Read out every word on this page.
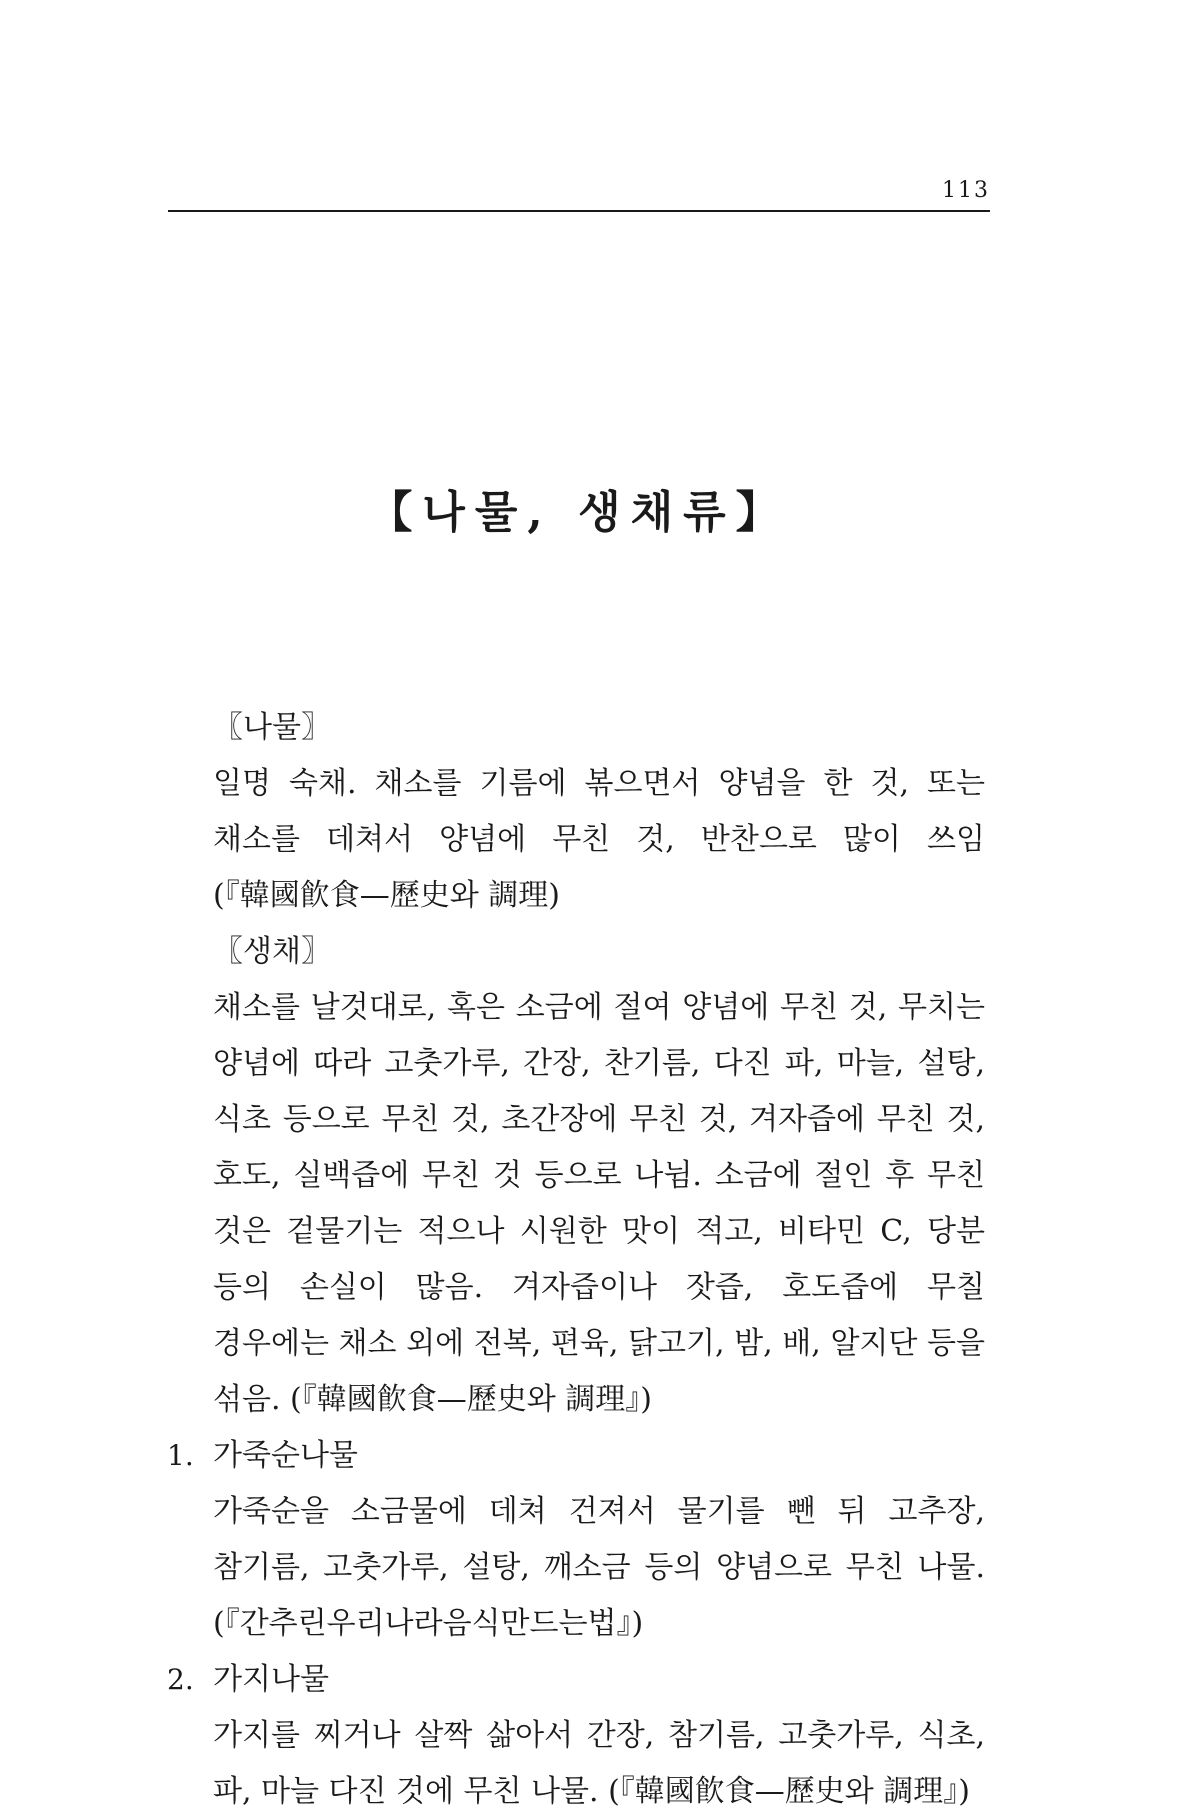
113
【나물, 생채류】
〖나물〗
일명 숙채. 채소를 기름에 볶으면서 양념을 한 것, 또는 채소를 데쳐서 양념에 무친 것, 반찬으로 많이 쓰임(『韓國飮食—歷史와 調理)
〖생채〗
채소를 날것대로, 혹은 소금에 절여 양념에 무친 것, 무치는 양념에 따라 고춧가루, 간장, 찬기름, 다진 파, 마늘, 설탕, 식초 등으로 무친 것, 초간장에 무친 것, 겨자즙에 무친 것, 호도, 실백즙에 무친 것 등으로 나뉨. 소금에 절인 후 무친 것은 겉물기는 적으나 시원한 맛이 적고, 비타민 C, 당분 등의 손실이 많음. 겨자즙이나 잣즙, 호도즙에 무칠 경우에는 채소 외에 전복, 편육, 닭고기, 밤, 배, 알지단 등을 섞음. (『韓國飮食—歷史와 調理』)
1. 가죽순나물
가죽순을 소금물에 데쳐 건져서 물기를 뺀 뒤 고추장, 참기름, 고춧가루, 설탕, 깨소금 등의 양념으로 무친 나물. (『간추린우리나라음식만드는법』)
2. 가지나물
가지를 찌거나 살짝 삶아서 간장, 참기름, 고춧가루, 식초, 파, 마늘 다진 것에 무친 나물. (『韓國飮食—歷史와 調理』)
